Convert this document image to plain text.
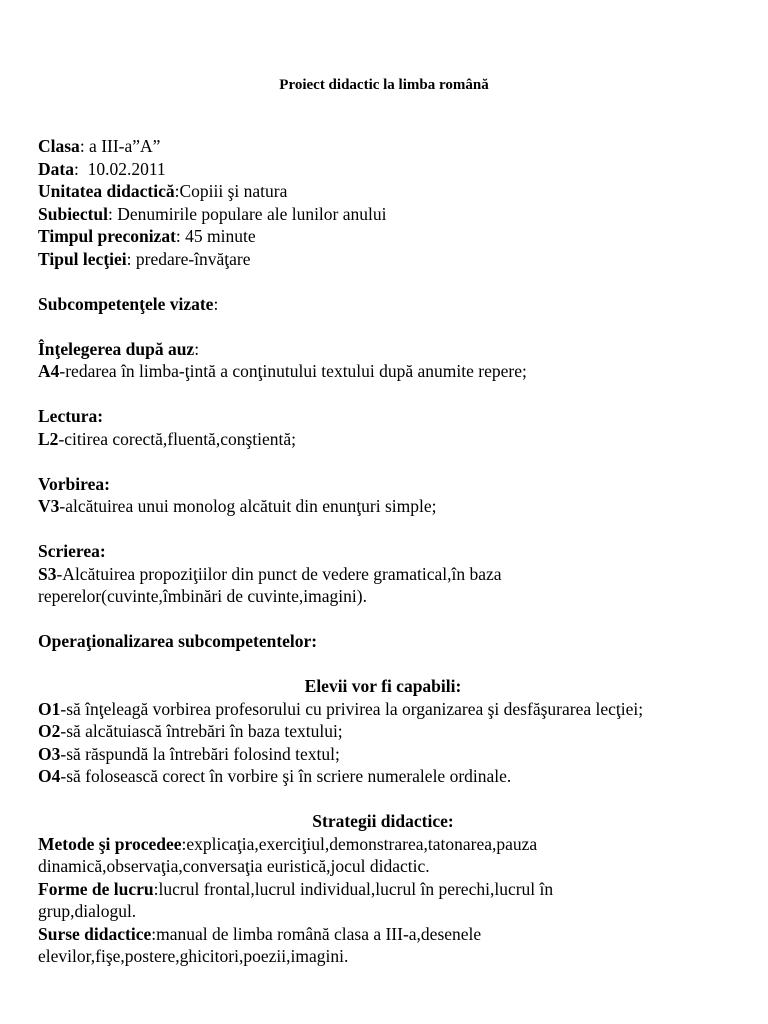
Proiect didactic la limba română
Clasa: a III-a”A”
Data:  10.02.2011
Unitatea didactică:Copiii şi natura
Subiectul: Denumirile populare ale lunilor anului
Timpul preconizat: 45 minute
Tipul lecţiei: predare-învăţare
Subcompetenţele vizate:
Înţelegerea după auz:
A4-redarea în limba-ţintă a conţinutului textului după anumite repere;
Lectura:
L2-citirea corectă,fluentă,conştientă;
Vorbirea:
V3-alcătuirea unui monolog alcătuit din enunţuri simple;
Scrierea:
S3-Alcătuirea propoziţiilor din punct de vedere gramatical,în baza reperelor(cuvinte,îmbinări de cuvinte,imagini).
Operaţionalizarea subcompetentelor:
Elevii vor fi capabili:
O1-să înţeleagă vorbirea profesorului cu privirea la organizarea şi desfăşurarea lecţiei;
O2-să alcătuiască întrebări în baza textului;
O3-să răspundă la întrebări folosind textul;
O4-să folosească corect în vorbire şi în scriere numeralele ordinale.
Strategii didactice:
Metode şi procedee:explicaţia,exerciţiul,demonstrarea,tatonarea,pauza dinamică,observaţia,conversaţia euristică,jocul didactic.
Forme de lucru:lucrul frontal,lucrul individual,lucrul în perechi,lucrul în grup,dialogul.
Surse didactice:manual de limba română clasa a III-a,desenele elevilor,fişe,postere,ghicitori,poezii,imagini.
